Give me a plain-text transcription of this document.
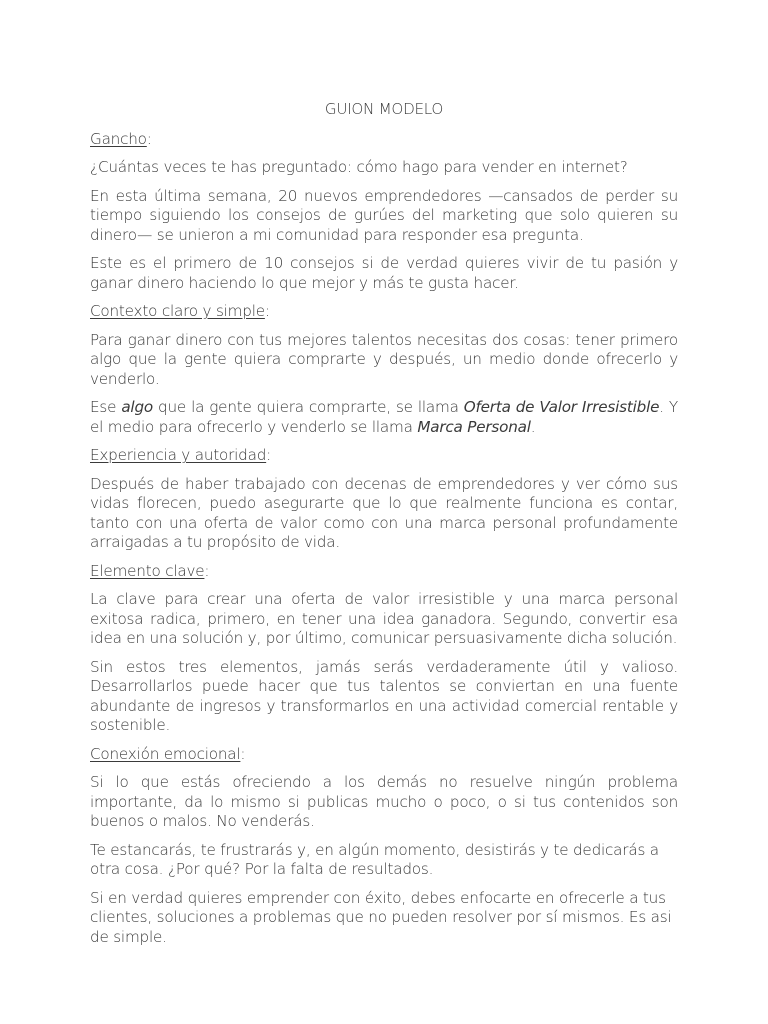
GUION MODELO
Gancho:

¿Cuántas veces te has preguntado: cómo hago para vender en internet?

En esta última semana, 20 nuevos emprendedores —cansados de perder su tiempo siguiendo los consejos de gurúes del marketing que solo quieren su dinero— se unieron a mi comunidad para responder esa pregunta.

Este es el primero de 10 consejos si de verdad quieres vivir de tu pasión y ganar dinero haciendo lo que mejor y más te gusta hacer.

Contexto claro y simple:

Para ganar dinero con tus mejores talentos necesitas dos cosas: tener primero algo que la gente quiera comprarte y después, un medio donde ofrecerlo y venderlo.

Ese algo que la gente quiera comprarte, se llama Oferta de Valor Irresistible. Y el medio para ofrecerlo y venderlo se llama Marca Personal.

Experiencia y autoridad:

Después de haber trabajado con decenas de emprendedores y ver cómo sus vidas florecen, puedo asegurarte que lo que realmente funciona es contar, tanto con una oferta de valor como con una marca personal profundamente arraigadas a tu propósito de vida.

Elemento clave:

La clave para crear una oferta de valor irresistible y una marca personal exitosa radica, primero, en tener una idea ganadora. Segundo, convertir esa idea en una solución y, por último, comunicar persuasivamente dicha solución.

Sin estos tres elementos, jamás serás verdaderamente útil y valioso. Desarrollarlos puede hacer que tus talentos se conviertan en una fuente abundante de ingresos y transformarlos en una actividad comercial rentable y sostenible.

Conexión emocional:

Si lo que estás ofreciendo a los demás no resuelve ningún problema importante, da lo mismo si publicas mucho o poco, o si tus contenidos son buenos o malos. No venderás.

Te estancarás, te frustrarás y, en algún momento, desistirás y te dedicarás a otra cosa. ¿Por qué? Por la falta de resultados.

Si en verdad quieres emprender con éxito, debes enfocarte en ofrecerle a tus clientes, soluciones a problemas que no pueden resolver por sí mismos. Es asi de simple.
